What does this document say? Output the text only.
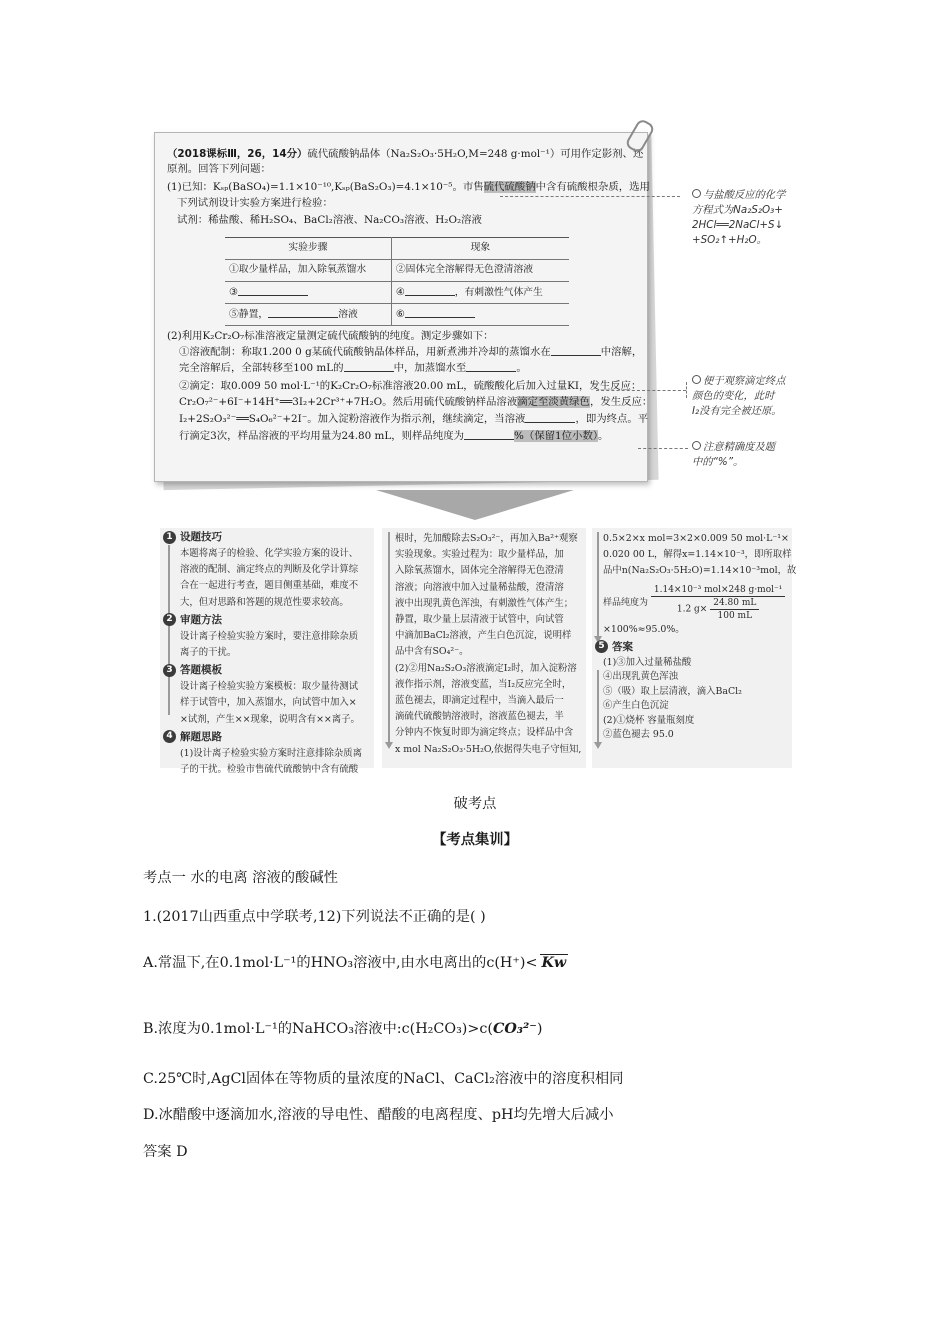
（2018课标Ⅲ，26，14分）硫代硫酸钠晶体（Na₂S₂O₃·5H₂O,M=248 g·mol⁻¹）可用作定影剂、还
原剂。回答下列问题：
(1)已知：Kₛₚ(BaSO₄)=1.1×10⁻¹⁰,Kₛₚ(BaS₂O₃)=4.1×10⁻⁵。市售硫代硫酸钠中含有硫酸根杂质，选用
下列试剂设计实验方案进行检验：
试剂：稀盐酸、稀H₂SO₄、BaCl₂溶液、Na₂CO₃溶液、H₂O₂溶液
实验步骤	现象
①取少量样品，加入除氧蒸馏水	②固体完全溶解得无色澄清溶液
③	④ ，有刺激性气体产生
⑤静置， 溶液	⑥
(2)利用K₂Cr₂O₇标准溶液定量测定硫代硫酸钠的纯度。测定步骤如下：
①溶液配制：称取1.200 0 g某硫代硫酸钠晶体样品，用新煮沸并冷却的蒸馏水在	中溶解，
完全溶解后，全部转移至100 mL的	中，加蒸馏水至	。
②滴定：取0.009 50 mol·L⁻¹的K₂Cr₂O₇标准溶液20.00 mL，硫酸酸化后加入过量KI，发生反应：
Cr₂O₇²⁻+6I⁻+14H⁺══3I₂+2Cr³⁺+7H₂O。然后用硫代硫酸钠样品溶液滴定至淡黄绿色，发生反应：
I₂+2S₂O₃²⁻══S₄O₆²⁻+2I⁻。加入淀粉溶液作为指示剂，继续滴定，当溶液	，即为终点。平
行滴定3次，样品溶液的平均用量为24.80 mL，则样品纯度为	%（保留1位小数）。
与盐酸反应的化学
方程式为Na₂S₂O₃+
2HCl══2NaCl+S↓
+SO₂↑+H₂O。
便于观察滴定终点
颜色的变化，此时
I₂没有完全被还原。
注意精确度及题
中的“%”。
1 设题技巧
本题将离子的检验、化学实验方案的设计、
溶液的配制、滴定终点的判断及化学计算综
合在一起进行考查，题目侧重基础，难度不
大，但对思路和答题的规范性要求较高。
2 审题方法
设计离子检验实验方案时，要注意排除杂质
离子的干扰。
3 答题模板
设计离子检验实验方案模板：取少量待测试
样于试管中，加入蒸馏水，向试管中加入×
×试剂，产生××现象，说明含有××离子。
4 解题思路
(1)设计离子检验实验方案时注意排除杂质离
子的干扰。检验市售硫代硫酸钠中含有硫酸
根时，先加酸除去S₂O₃²⁻，再加入Ba²⁺观察
实验现象。实验过程为：取少量样品，加
入除氧蒸馏水，固体完全溶解得无色澄清
溶液；向溶液中加入过量稀盐酸，澄清溶
液中出现乳黄色浑浊，有刺激性气体产生；
静置，取少量上层清液于试管中，向试管
中滴加BaCl₂溶液，产生白色沉淀，说明样
品中含有SO₄²⁻。
(2)②用Na₂S₂O₃溶液滴定I₂时，加入淀粉溶
液作指示剂，溶液变蓝，当I₂反应完全时，
蓝色褪去，即滴定过程中，当滴入最后一
滴硫代硫酸钠溶液时，溶液蓝色褪去，半
分钟内不恢复时即为滴定终点；设样品中含
x mol Na₂S₂O₃·5H₂O,依据得失电子守恒知,
0.5×2×x mol=3×2×0.009 50 mol·L⁻¹×
0.020 00 L，解得x=1.14×10⁻³，即所取样
品中n(Na₂S₂O₃·5H₂O)=1.14×10⁻³mol，故
样品纯度为 $\frac{\text{1.14×10⁻³ mol×248 g·mol⁻¹}}{1.2 g\times \frac{24.80 mL}{100 mL}}$
×100%≈95.0%。
5 答案
(1)③加入过量稀盐酸
④出现乳黄色浑浊
⑤（吸）取上层清液，滴入BaCl₂
⑥产生白色沉淀
(2)①烧杯 容量瓶刻度
②蓝色褪去 95.0
破考点
【考点集训】
考点一 水的电离 溶液的酸碱性
1.(2017山西重点中学联考,12)下列说法不正确的是( )
A.常温下,在0.1mol·L⁻¹的HNO₃溶液中,由水电离出的c(H⁺)< Kw
B.浓度为0.1mol·L⁻¹的NaHCO₃溶液中:c(H₂CO₃)>c(CO₃²⁻)
C.25℃时,AgCl固体在等物质的量浓度的NaCl、CaCl₂溶液中的溶度积相同
D.冰醋酸中逐滴加水,溶液的导电性、醋酸的电离程度、pH均先增大后减小
答案 D
